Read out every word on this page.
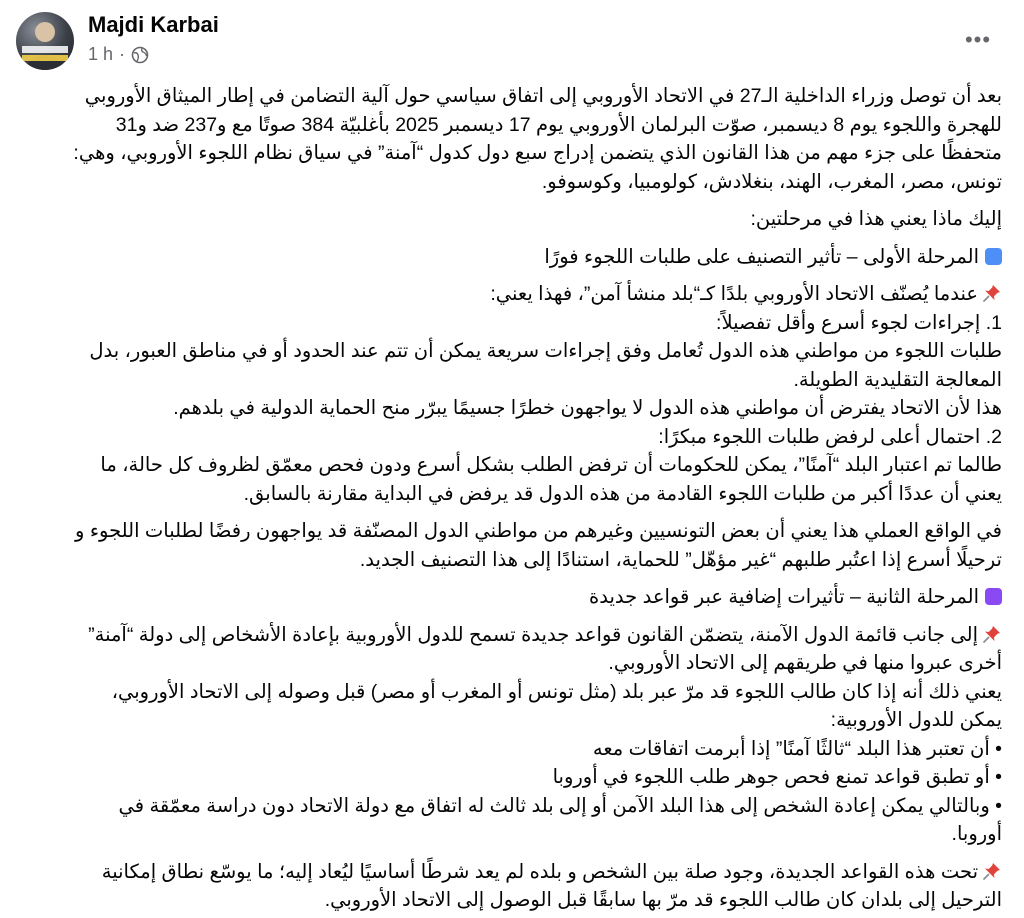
Majdi Karbai
1 h ·
•••

بعد أن توصل وزراء الداخلية الـ27 في الاتحاد الأوروبي إلى اتفاق سياسي حول آلية التضامن في إطار الميثاق الأوروبي

للهجرة واللجوء يوم 8 ديسمبر، صوّت البرلمان الأوروبي يوم 17 ديسمبر 2025 بأغلبيّة 384 صوتًا مع و237 ضد و31

متحفظًا على جزء مهم من هذا القانون الذي يتضمن إدراج سبع دول كدول “آمنة” في سياق نظام اللجوء الأوروبي، وهي:

تونس، مصر، المغرب، الهند، بنغلادش، كولومبيا، وكوسوفو.

إليك ماذا يعني هذا في مرحلتين:

المرحلة الأولى – تأثير التصنيف على طلبات اللجوء فورًا

عندما يُصنّف الاتحاد الأوروبي بلدًا كـ“بلد منشأ آمن”، فهذا يعني:

1. إجراءات لجوء أسرع وأقل تفصيلاً:

طلبات اللجوء من مواطني هذه الدول تُعامل وفق إجراءات سريعة يمكن أن تتم عند الحدود أو في مناطق العبور، بدل

المعالجة التقليدية الطويلة.

هذا لأن الاتحاد يفترض أن مواطني هذه الدول لا يواجهون خطرًا جسيمًا يبرّر منح الحماية الدولية في بلدهم.

2. احتمال أعلى لرفض طلبات اللجوء مبكرًا:

طالما تم اعتبار البلد “آمنًا”، يمكن للحكومات أن ترفض الطلب بشكل أسرع ودون فحص معمّق لظروف كل حالة، ما

يعني أن عددًا أكبر من طلبات اللجوء القادمة من هذه الدول قد يرفض في البداية مقارنة بالسابق.

في الواقع العملي هذا يعني أن بعض التونسيين وغيرهم من مواطني الدول المصنّفة قد يواجهون رفضًا لطلبات اللجوء و

ترحيلًا أسرع إذا اعتُبر طلبهم “غير مؤهّل” للحماية، استنادًا إلى هذا التصنيف الجديد.

المرحلة الثانية – تأثيرات إضافية عبر قواعد جديدة

إلى جانب قائمة الدول الآمنة، يتضمّن القانون قواعد جديدة تسمح للدول الأوروبية بإعادة الأشخاص إلى دولة “آمنة”

أخرى عبروا منها في طريقهم إلى الاتحاد الأوروبي.

يعني ذلك أنه إذا كان طالب اللجوء قد مرّ عبر بلد (مثل تونس أو المغرب أو مصر) قبل وصوله إلى الاتحاد الأوروبي،

يمكن للدول الأوروبية:

• أن تعتبر هذا البلد “ثالثًا آمنًا” إذا أبرمت اتفاقات معه

• أو تطبق قواعد تمنع فحص جوهر طلب اللجوء في أوروبا

• وبالتالي يمكن إعادة الشخص إلى هذا البلد الآمن أو إلى بلد ثالث له اتفاق مع دولة الاتحاد دون دراسة معمّقة في

أوروبا.

تحت هذه القواعد الجديدة، وجود صلة بين الشخص و بلده لم يعد شرطًا أساسيًا ليُعاد إليه؛ ما يوسّع نطاق إمكانية

الترحيل إلى بلدان كان طالب اللجوء قد مرّ بها سابقًا قبل الوصول إلى الاتحاد الأوروبي.
